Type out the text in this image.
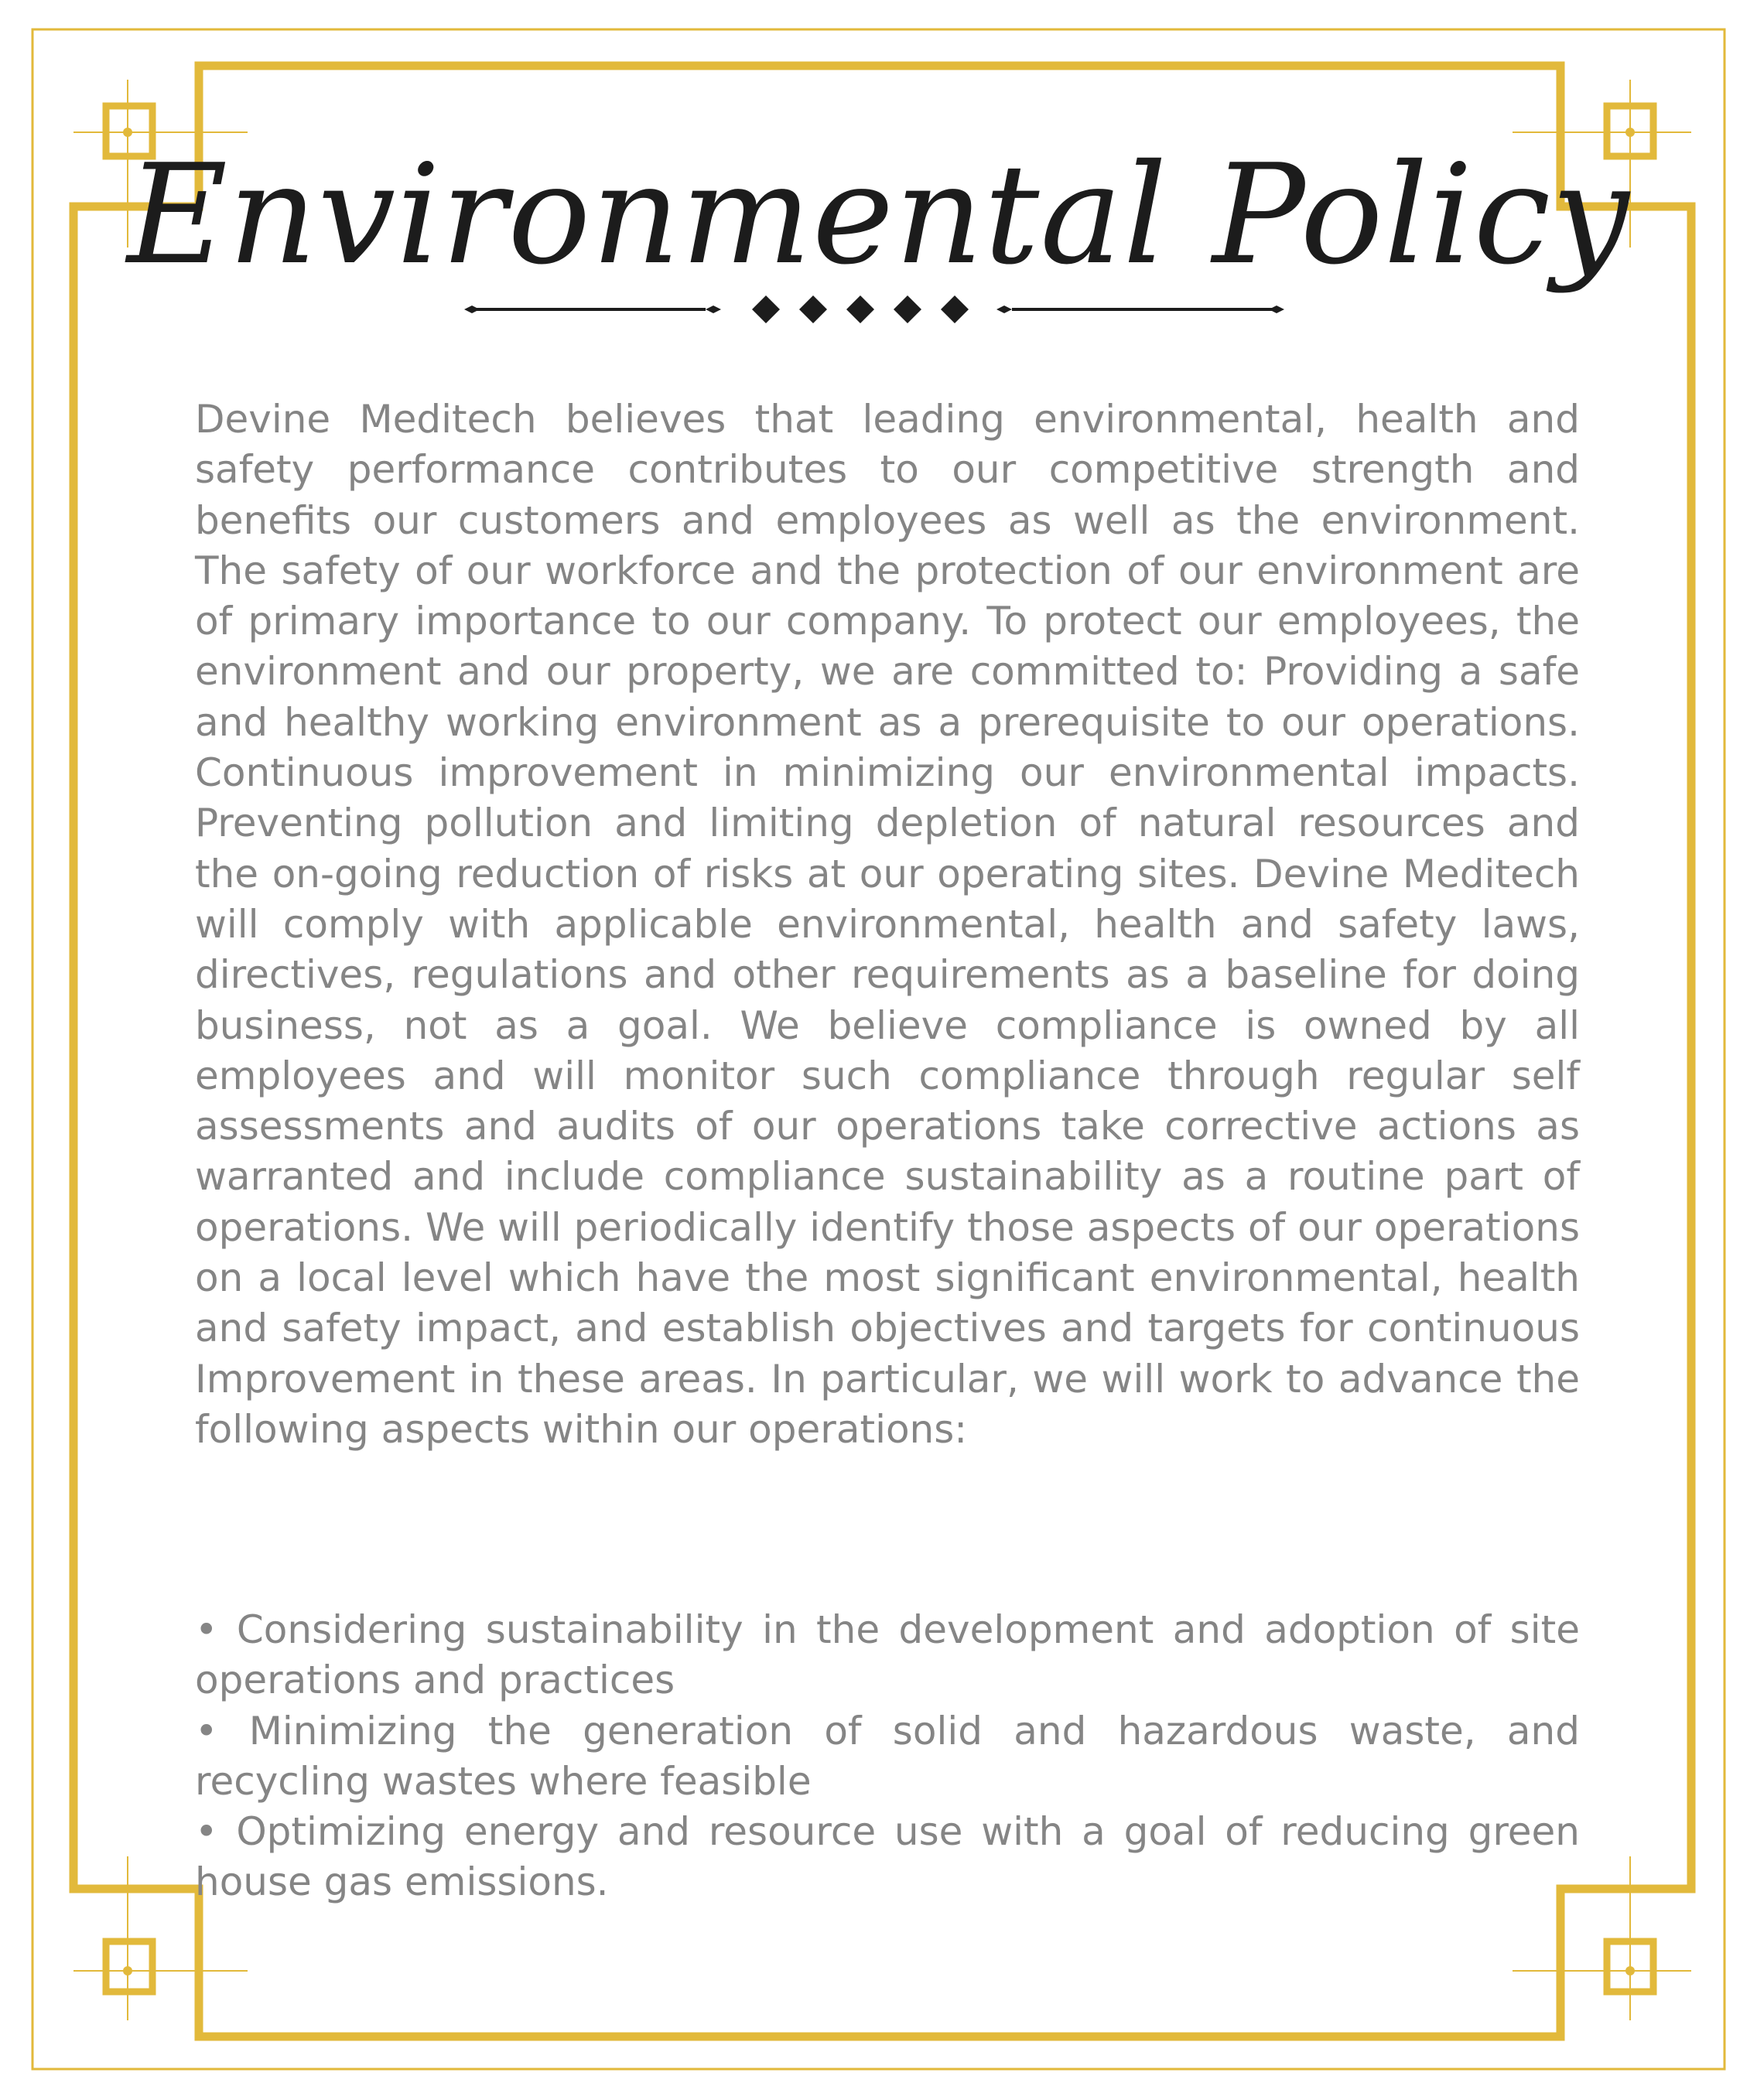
Environmental Policy

Devine Meditech believes that leading environmental, health and safety performance contributes to our competitive strength and benefits our customers and employees as well as the environment. The safety of our workforce and the protection of our environment are of primary importance to our company. To protect our employees, the environment and our property, we are committed to: Providing a safe and healthy working environment as a prerequisite to our operations. Continuous improvement in minimizing our environmental impacts. Preventing pollution and limiting depletion of natural resources and the on-going reduction of risks at our operating sites. Devine Meditech will comply with applicable environmental, health and safety laws, directives, regulations and other requirements as a baseline for doing business, not as a goal. We believe compliance is owned by all employees and will monitor such compliance through regular self assessments and audits of our operations take corrective actions as warranted and include compliance sustainability as a routine part of operations. We will periodically identify those aspects of our operations on a local level which have the most significant environmental, health and safety impact, and establish objectives and targets for continuous Improvement in these areas. In particular, we will work to advance the following aspects within our operations:

• Considering sustainability in the development and adoption of site operations and practices
• Minimizing the generation of solid and hazardous waste, and recycling wastes where feasible
• Optimizing energy and resource use with a goal of reducing green house gas emissions.
